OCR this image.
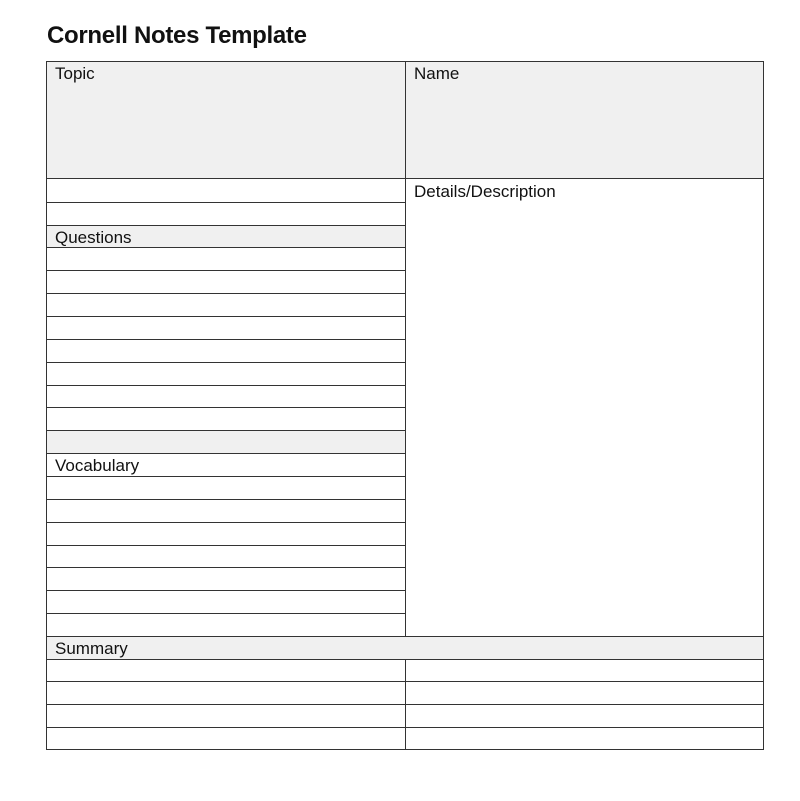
Cornell Notes Template
Topic	Name
Details/Description
Questions
Vocabulary
Summary
